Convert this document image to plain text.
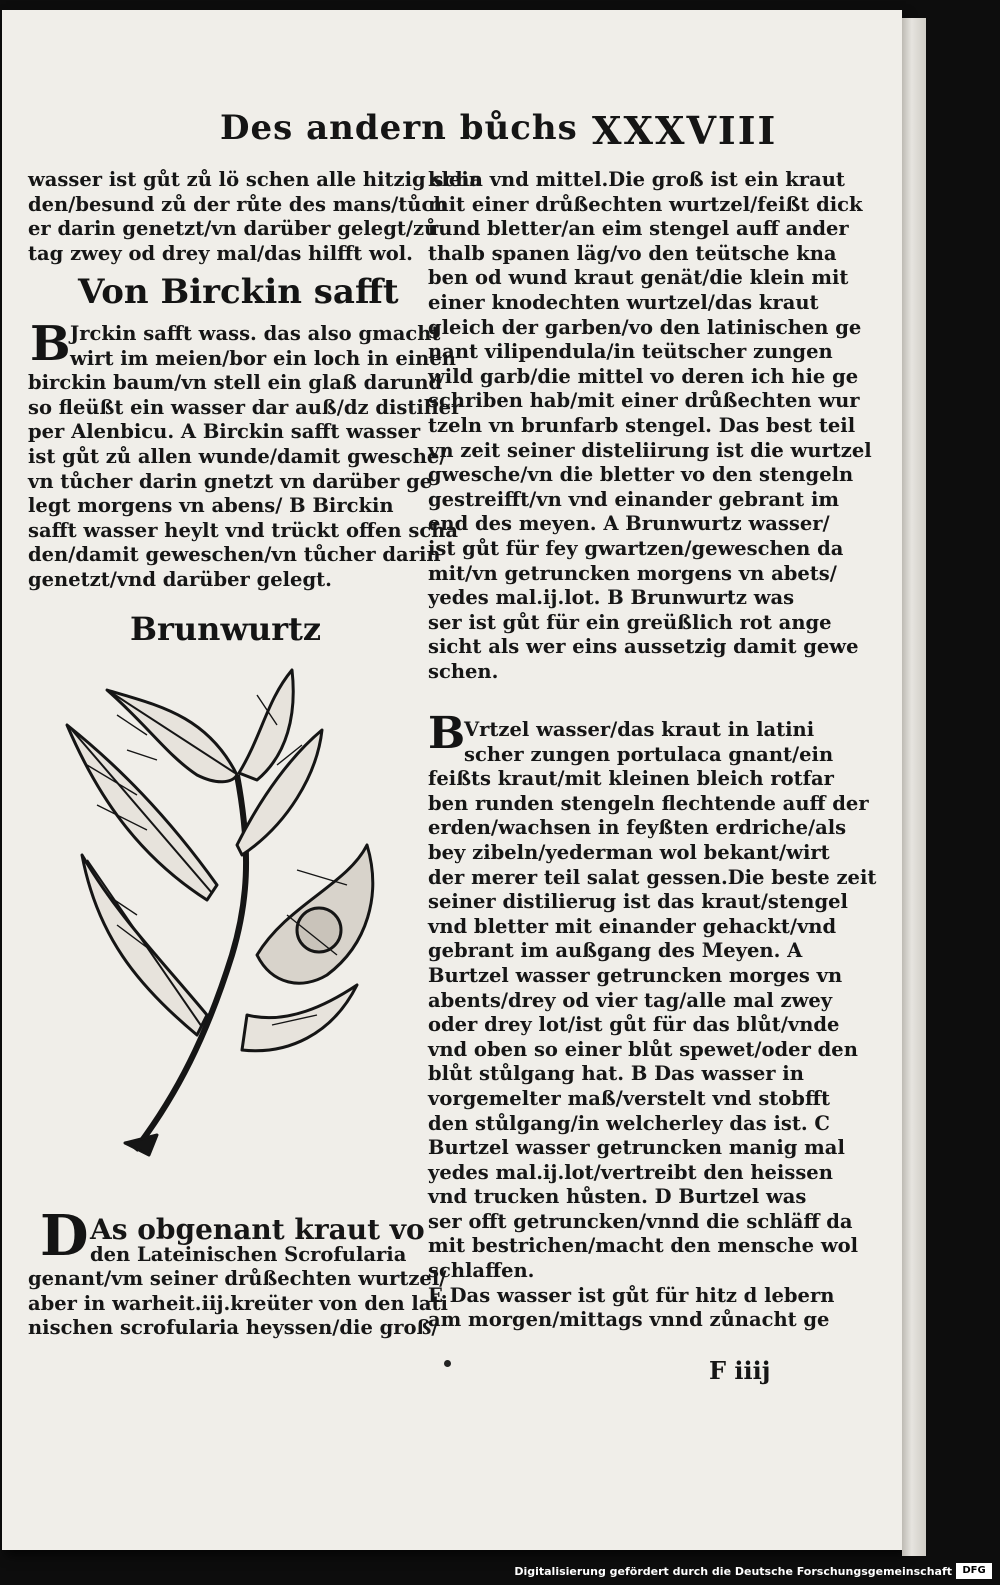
Des andern bůchs XXXVIII
wasser ist gůt zů lö schen alle hitzig scha
den/besund zů der růte des mans/tůch
er darin genetzt/vn darüber gelegt/zů
tag zwey od drey mal/das hilfft wol.
Von Birckin safft
B Jrckin safft wass. das also gmacht
wirt im meien/bor ein loch in einen
birckin baum/vn stell ein glaß darund
so fleüßt ein wasser dar auß/dz distilier
per Alenbicu. A Birckin safft wasser
ist gůt zů allen wunde/damit gwesche/
vn tůcher darin gnetzt vn darüber ge
legt morgens vn abens/ B Birckin
safft wasser heylt vnd trückt offen scha
den/damit geweschen/vn tůcher darin
genetzt/vnd darüber gelegt.
Brunwurtz
D As obgenant kraut vo
den Lateinischen Scrofularia
genant/vm seiner drůßechten wurtzel/
aber in warheit.iij.kreüter von den lati
nischen scrofularia heyssen/die groß/
klein vnd mittel.Die groß ist ein kraut
mit einer drůßechten wurtzel/feißt dick
rund bletter/an eim stengel auff ander
thalb spanen läg/vo den teütsche kna
ben od wund kraut genät/die klein mit
einer knodechten wurtzel/das kraut
gleich der garben/vo den latinischen ge
nant vilipendula/in teütscher zungen
wild garb/die mittel vo deren ich hie ge
schriben hab/mit einer drůßechten wur
tzeln vn brunfarb stengel. Das best teil
vn zeit seiner disteliirung ist die wurtzel
gwesche/vn die bletter vo den stengeln
gestreifft/vn vnd einander gebrant im
end des meyen. A Brunwurtz wasser/
ist gůt für fey gwartzen/geweschen da
mit/vn getruncken morgens vn abets/
yedes mal.ij.lot. B Brunwurtz was
ser ist gůt für ein greüßlich rot ange
sicht als wer eins aussetzig damit gewe
schen.
B
Vrtzel wasser/das kraut in latini
scher zungen portulaca gnant/ein
feißts kraut/mit kleinen bleich rotfar
ben runden stengeln flechtende auff der
erden/wachsen in feyßten erdriche/als
bey zibeln/yederman wol bekant/wirt
der merer teil salat gessen.Die beste zeit
seiner distilierug ist das kraut/stengel
vnd bletter mit einander gehackt/vnd
gebrant im außgang des Meyen. A
Burtzel wasser getruncken morges vn
abents/drey od vier tag/alle mal zwey
oder drey lot/ist gůt für das blůt/vnde
vnd oben so einer blůt spewet/oder den
blůt stůlgang hat. B Das wasser in
vorgemelter maß/verstelt vnd stobfft
den stůlgang/in welcherley das ist. C
Burtzel wasser getruncken manig mal
yedes mal.ij.lot/vertreibt den heissen
vnd trucken hůsten. D Burtzel was
ser offt getruncken/vnnd die schläff da
mit bestrichen/macht den mensche wol
schlaffen.
E Das wasser ist gůt für hitz d lebern
am morgen/mittags vnnd zůnacht ge
F iiij
Digitalisierung gefördert durch die Deutsche Forschungsgemeinschaft	DFG
